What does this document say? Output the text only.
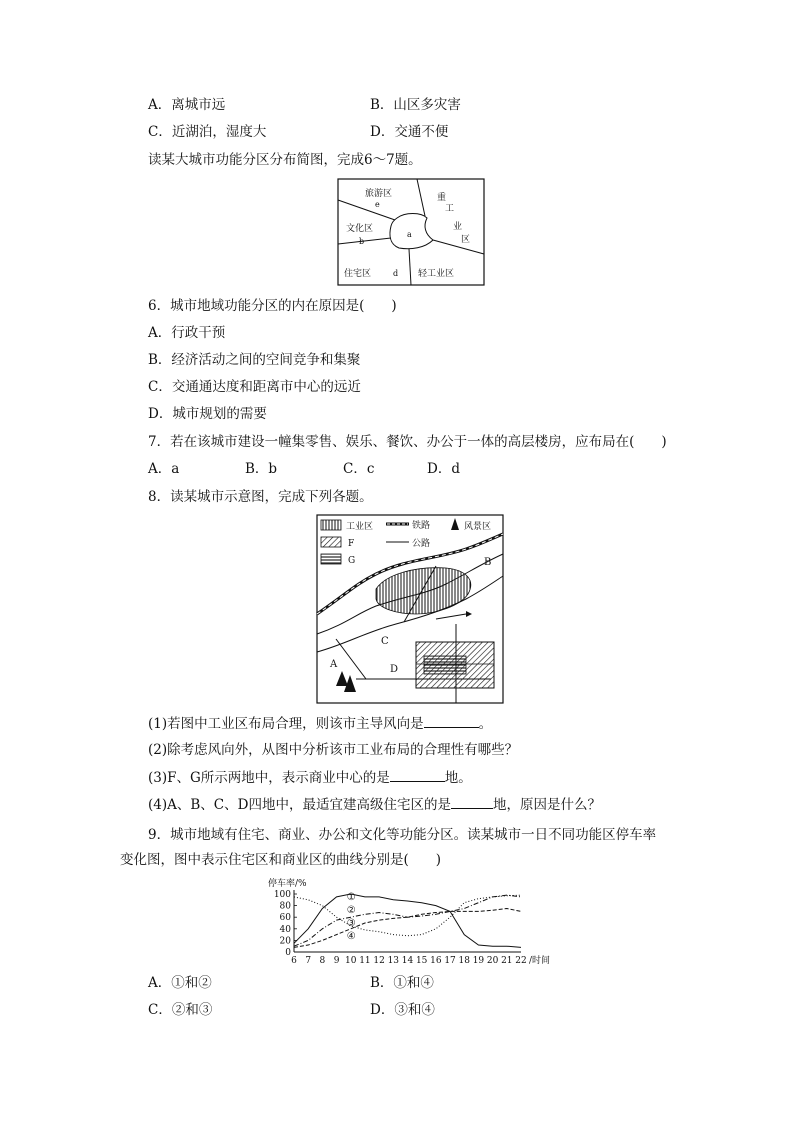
A．离城市远	B．山区多灾害
C．近湖泊，湿度大	D．交通不便
读某大城市功能分区分布简图，完成6～7题。
旅游区
e
文化区
b
a
重
工
业
区
住宅区	d 轻工业区
6．城市地域功能分区的内在原因是(　　)
A．行政干预
B．经济活动之间的空间竞争和集聚
C．交通通达度和距离市中心的远近
D．城市规划的需要
7．若在该城市建设一幢集零售、娱乐、餐饮、办公于一体的高层楼房，应布局在(　　)
A．a	B．b	C．c	D．d
8．读某城市示意图，完成下列各题。
工业区	铁路	风景区
F	公路
G	B
C
D
A
(1)若图中工业区布局合理，则该市主导风向是	。
(2)除考虑风向外，从图中分析该市工业布局的合理性有哪些？
(3)F、G所示两地中，表示商业中心的是	地。
(4)A、B、C、D四地中，最适宜建高级住宅区的是	地，原因是什么？
9．城市地域有住宅、商业、办公和文化等功能分区。读某城市一日不同功能区停车率
变化图，图中表示住宅区和商业区的曲线分别是(　　)
停车率/%
①
②
③
④
6 7 8 9 10 11 12 13 14 15 16 17 18 19 20 21 22
0
20
40
60
80
100
/时间
A．①和②	B．①和④
C．②和③	D．③和④
